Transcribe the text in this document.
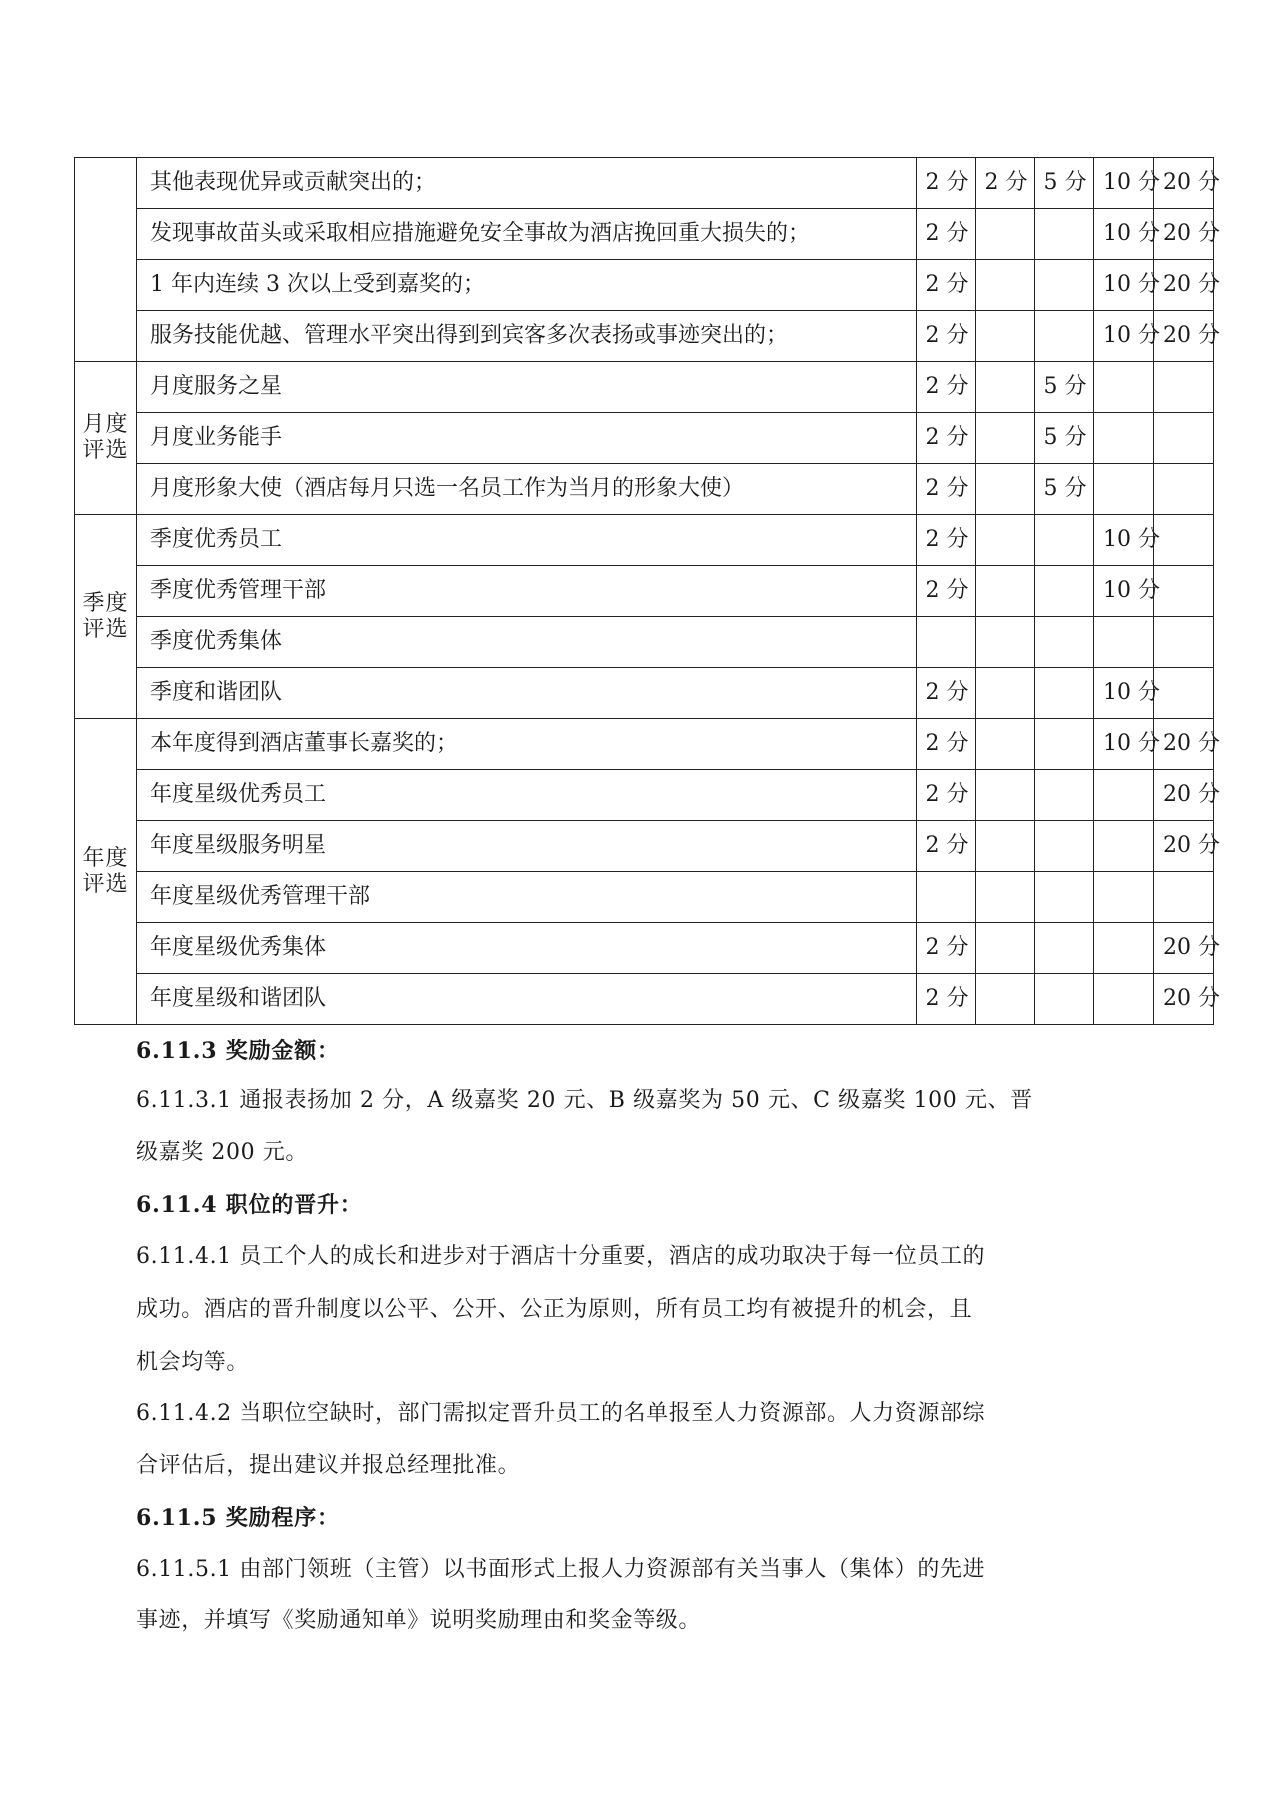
	其他表现优异或贡献突出的；	2 分	2 分	5 分	10 分	20 分
	发现事故苗头或采取相应措施避免安全事故为酒店挽回重大损失的；	2 分			10 分	20 分
	1 年内连续 3 次以上受到嘉奖的；	2 分			10 分	20 分
	服务技能优越、管理水平突出得到到宾客多次表扬或事迹突出的；	2 分			10 分	20 分

月度
评选	月度服务之星	2 分		5 分		
	月度业务能手	2 分		5 分		
	月度形象大使（酒店每月只选一名员工作为当月的形象大使）	2 分		5 分		

季度
评选	季度优秀员工	2 分			10 分	
	季度优秀管理干部	2 分			10 分	
	季度优秀集体					
	季度和谐团队	2 分			10 分	

年度
评选	本年度得到酒店董事长嘉奖的；	2 分			10 分	20 分
	年度星级优秀员工	2 分				20 分
	年度星级服务明星	2 分				20 分
	年度星级优秀管理干部					
	年度星级优秀集体	2 分				20 分
	年度星级和谐团队	2 分				20 分
6.11.3 奖励金额：
6.11.3.1 通报表扬加 2 分，A 级嘉奖 20 元、B 级嘉奖为 50 元、C 级嘉奖 100 元、晋
级嘉奖 200 元。
6.11.4 职位的晋升：
6.11.4.1 员工个人的成长和进步对于酒店十分重要，酒店的成功取决于每一位员工的
成功。酒店的晋升制度以公平、公开、公正为原则，所有员工均有被提升的机会，且
机会均等。
6.11.4.2 当职位空缺时，部门需拟定晋升员工的名单报至人力资源部。人力资源部综
合评估后，提出建议并报总经理批准。
6.11.5 奖励程序：
6.11.5.1 由部门领班（主管）以书面形式上报人力资源部有关当事人（集体）的先进
事迹，并填写《奖励通知单》说明奖励理由和奖金等级。
